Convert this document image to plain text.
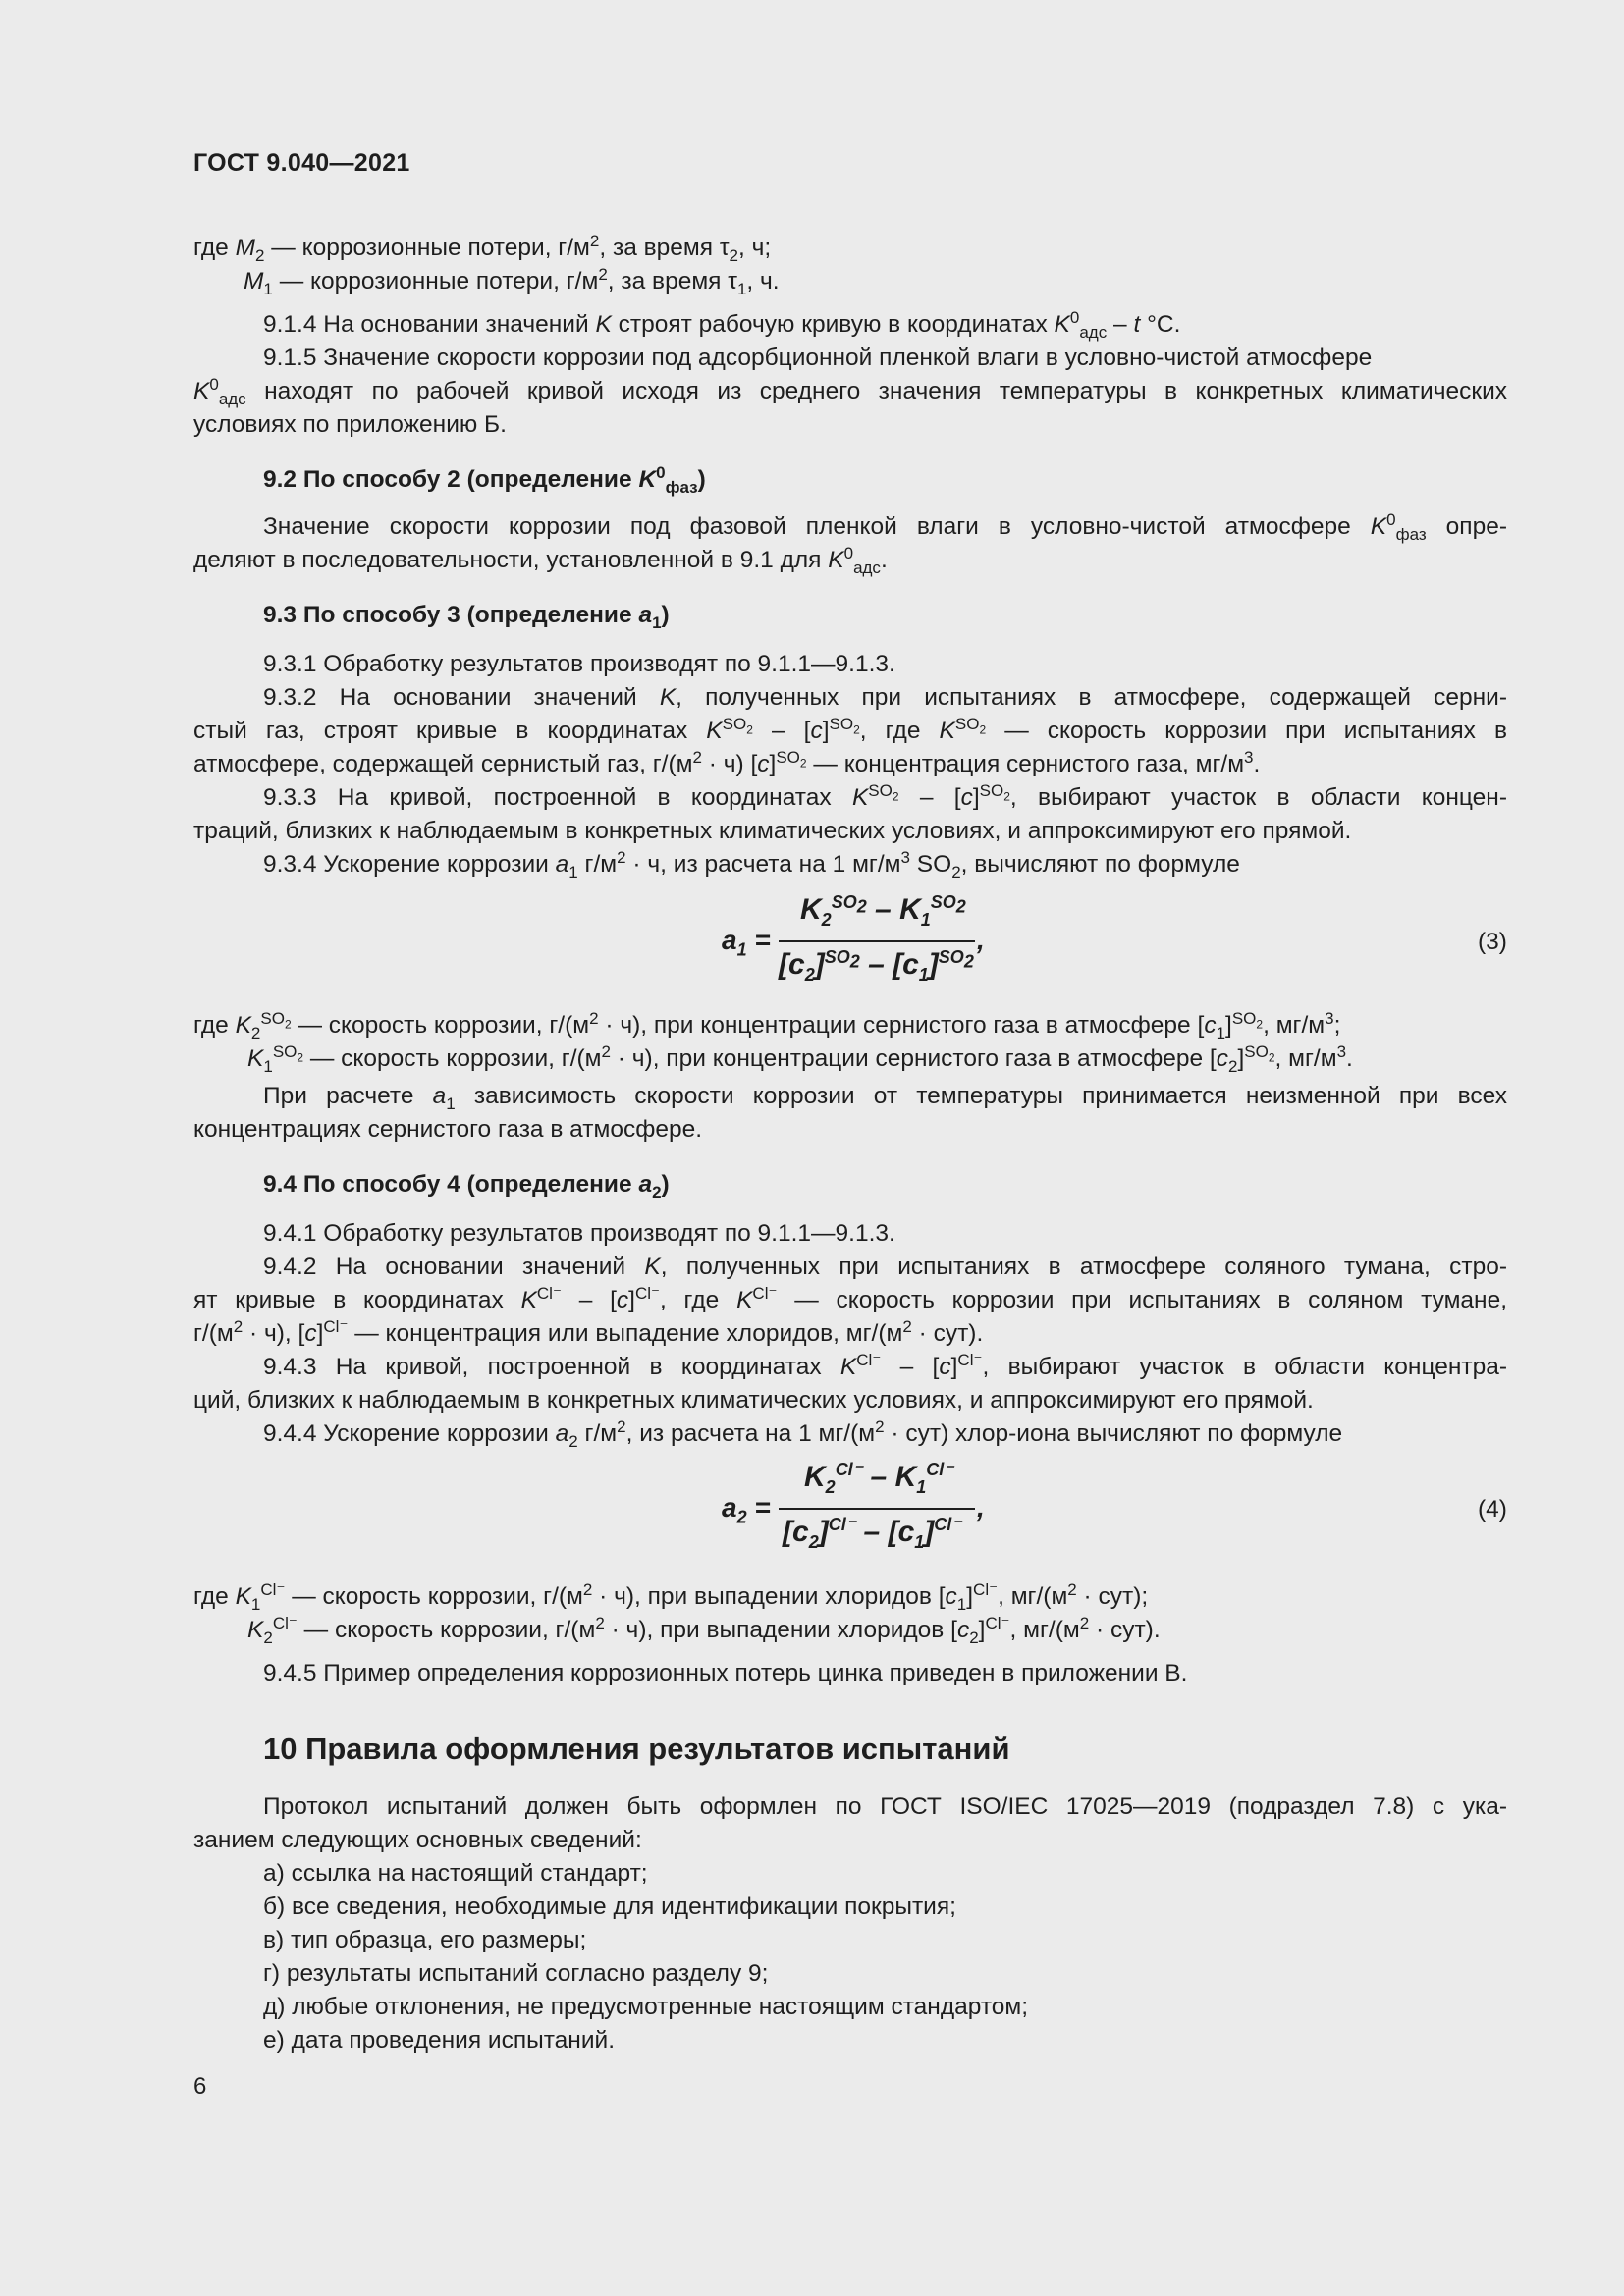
ГОСТ 9.040—2021
где $M_2$ — коррозионные потери, $г/м^2$, за время $\tau_2$, ч;
$M_1$ — коррозионные потери, $г/м^2$, за время $\tau_1$, ч.
9.1.4 На основании значений K строят рабочую кривую в координатах $K^0_{адс}$ – t °С.
9.1.5 Значение скорости коррозии под адсорбционной пленкой влаги в условно-чистой атмосфере
$K^0_{адс}$ находят по рабочей кривой исходя из среднего значения температуры в конкретных климатических
условиях по приложению Б.
9.2 По способу 2 (определение $K^0_{фаз}$)
Значение скорости коррозии под фазовой пленкой влаги в условно-чистой атмосфере $K^0_{фаз}$ опре-
деляют в последовательности, установленной в 9.1 для $K^0_{адс}$.
9.3 По способу 3 (определение $a_1$)
9.3.1 Обработку результатов производят по 9.1.1—9.1.3.
9.3.2 На основании значений K, полученных при испытаниях в атмосфере, содержащей серни-
стый газ, строят кривые в координатах $K^{SO_2} - [c]^{SO_2}$, где $K^{SO_2}$ — скорость коррозии при испытаниях в
атмосфере, содержащей сернистый газ, $г/(м^2 \cdot ч)$ $[c]^{SO_2}$ — концентрация сернистого газа, $мг/м^3$.
9.3.3 На кривой, построенной в координатах $K^{SO_2} - [c]^{SO_2}$, выбирают участок в области концен-
траций, близких к наблюдаемым в конкретных климатических условиях, и аппроксимируют его прямой.
9.3.4 Ускорение коррозии $a_1$ $г/м^2 \cdot ч$, из расчета на 1 $мг/м^3$ $SO_2$, вычисляют по формуле
$a_1$ =
$K_2^{SO_2} - K_1^{SO_2}$
$[c_2]^{SO_2} - [c_1]^{SO_2}$
,	(3)
где $K_2^{SO_2}$ — скорость коррозии, $г/(м^2 \cdot ч)$, при концентрации сернистого газа в атмосфере $[c_1]^{SO_2}$, $мг/м^3$;
$K_1^{SO_2}$ — скорость коррозии, $г/(м^2 \cdot ч)$, при концентрации сернистого газа в атмосфере $[c_2]^{SO_2}$, $мг/м^3$.
При расчете $a_1$ зависимость скорости коррозии от температуры принимается неизменной при всех
концентрациях сернистого газа в атмосфере.
9.4 По способу 4 (определение $a_2$)
9.4.1 Обработку результатов производят по 9.1.1—9.1.3.
9.4.2 На основании значений K, полученных при испытаниях в атмосфере соляного тумана, стро-
ят кривые в координатах $K^{Cl^-} - [c]^{Cl^-}$, где $K^{Cl^-}$ — скорость коррозии при испытаниях в соляном тумане,
$г/(м^2 \cdot ч)$, $[c]^{Cl^-}$ — концентрация или выпадение хлоридов, $мг/(м^2 \cdot сут)$.
9.4.3 На кривой, построенной в координатах $K^{Cl^-} - [c]^{Cl^-}$, выбирают участок в области концентра-
ций, близких к наблюдаемым в конкретных климатических условиях, и аппроксимируют его прямой.
9.4.4 Ускорение коррозии $a_2$ $г/м^2$, из расчета на 1 $мг/(м^2 \cdot сут)$ хлор-иона вычисляют по формуле
$a_2$ =
$K_2^{Cl^-} - K_1^{Cl^-}$
$[c_2]^{Cl^-} - [c_1]^{Cl^-}$
,	(4)
где $K_1^{Cl^-}$ — скорость коррозии, $г/(м^2 \cdot ч)$, при выпадении хлоридов $[c_1]^{Cl^-}$, $мг/(м^2 \cdot сут)$;
$K_2^{Cl^-}$ — скорость коррозии, $г/(м^2 \cdot ч)$, при выпадении хлоридов $[c_2]^{Cl^-}$, $мг/(м^2 \cdot сут)$.
9.4.5 Пример определения коррозионных потерь цинка приведен в приложении В.
10 Правила оформления результатов испытаний
Протокол испытаний должен быть оформлен по ГОСТ ISO/IEC 17025—2019 (подраздел 7.8) с ука-
занием следующих основных сведений:
а) ссылка на настоящий стандарт;
б) все сведения, необходимые для идентификации покрытия;
в) тип образца, его размеры;
г) результаты испытаний согласно разделу 9;
д) любые отклонения, не предусмотренные настоящим стандартом;
е) дата проведения испытаний.
6
